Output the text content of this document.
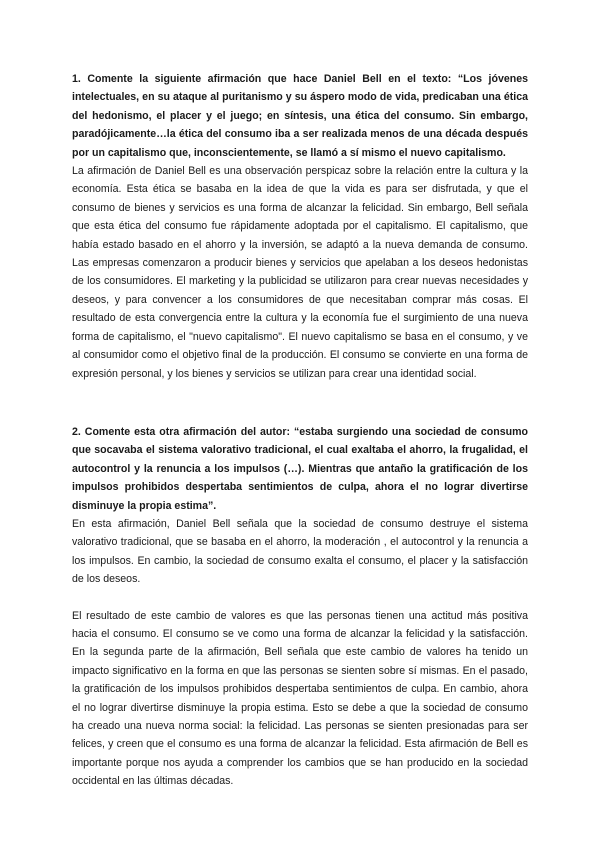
1. Comente la siguiente afirmación que hace Daniel Bell en el texto: “Los jóvenes intelectuales, en su ataque al puritanismo y su áspero modo de vida, predicaban una ética del hedonismo, el placer y el juego; en síntesis, una ética del consumo. Sin embargo, paradójicamente…la ética del consumo iba a ser realizada menos de una década después por un capitalismo que, inconscientemente, se llamó a sí mismo el nuevo capitalismo.

La afirmación de Daniel Bell es una observación perspicaz sobre la relación entre la cultura y la economía. Esta ética se basaba en la idea de que la vida es para ser disfrutada, y que el consumo de bienes y servicios es una forma de alcanzar la felicidad. Sin embargo, Bell señala que esta ética del consumo fue rápidamente adoptada por el capitalismo. El capitalismo, que había estado basado en el ahorro y la inversión, se adaptó a la nueva demanda de consumo. Las empresas comenzaron a producir bienes y servicios que apelaban a los deseos hedonistas de los consumidores. El marketing y la publicidad se utilizaron para crear nuevas necesidades y deseos, y para convencer a los consumidores de que necesitaban comprar más cosas. El resultado de esta convergencia entre la cultura y la economía fue el surgimiento de una nueva forma de capitalismo, el "nuevo capitalismo". El nuevo capitalismo se basa en el consumo, y ve al consumidor como el objetivo final de la producción. El consumo se convierte en una forma de expresión personal, y los bienes y servicios se utilizan para crear una identidad social.

2. Comente esta otra afirmación del autor: “estaba surgiendo una sociedad de consumo que socavaba el sistema valorativo tradicional, el cual exaltaba el ahorro, la frugalidad, el autocontrol y la renuncia a los impulsos (…). Mientras que antaño la gratificación de los impulsos prohibidos despertaba sentimientos de culpa, ahora el no lograr divertirse disminuye la propia estima”.

En esta afirmación, Daniel Bell señala que la sociedad de consumo destruye el sistema valorativo tradicional, que se basaba en el ahorro, la moderación , el autocontrol y la renuncia a los impulsos. En cambio, la sociedad de consumo exalta el consumo, el placer y la satisfacción de los deseos.

El resultado de este cambio de valores es que las personas tienen una actitud más positiva hacia el consumo. El consumo se ve como una forma de alcanzar la felicidad y la satisfacción. En la segunda parte de la afirmación, Bell señala que este cambio de valores ha tenido un impacto significativo en la forma en que las personas se sienten sobre sí mismas. En el pasado, la gratificación de los impulsos prohibidos despertaba sentimientos de culpa. En cambio, ahora el no lograr divertirse disminuye la propia estima. Esto se debe a que la sociedad de consumo ha creado una nueva norma social: la felicidad. Las personas se sienten presionadas para ser felices, y creen que el consumo es una forma de alcanzar la felicidad. Esta afirmación de Bell es importante porque nos ayuda a comprender los cambios que se han producido en la sociedad occidental en las últimas décadas.
